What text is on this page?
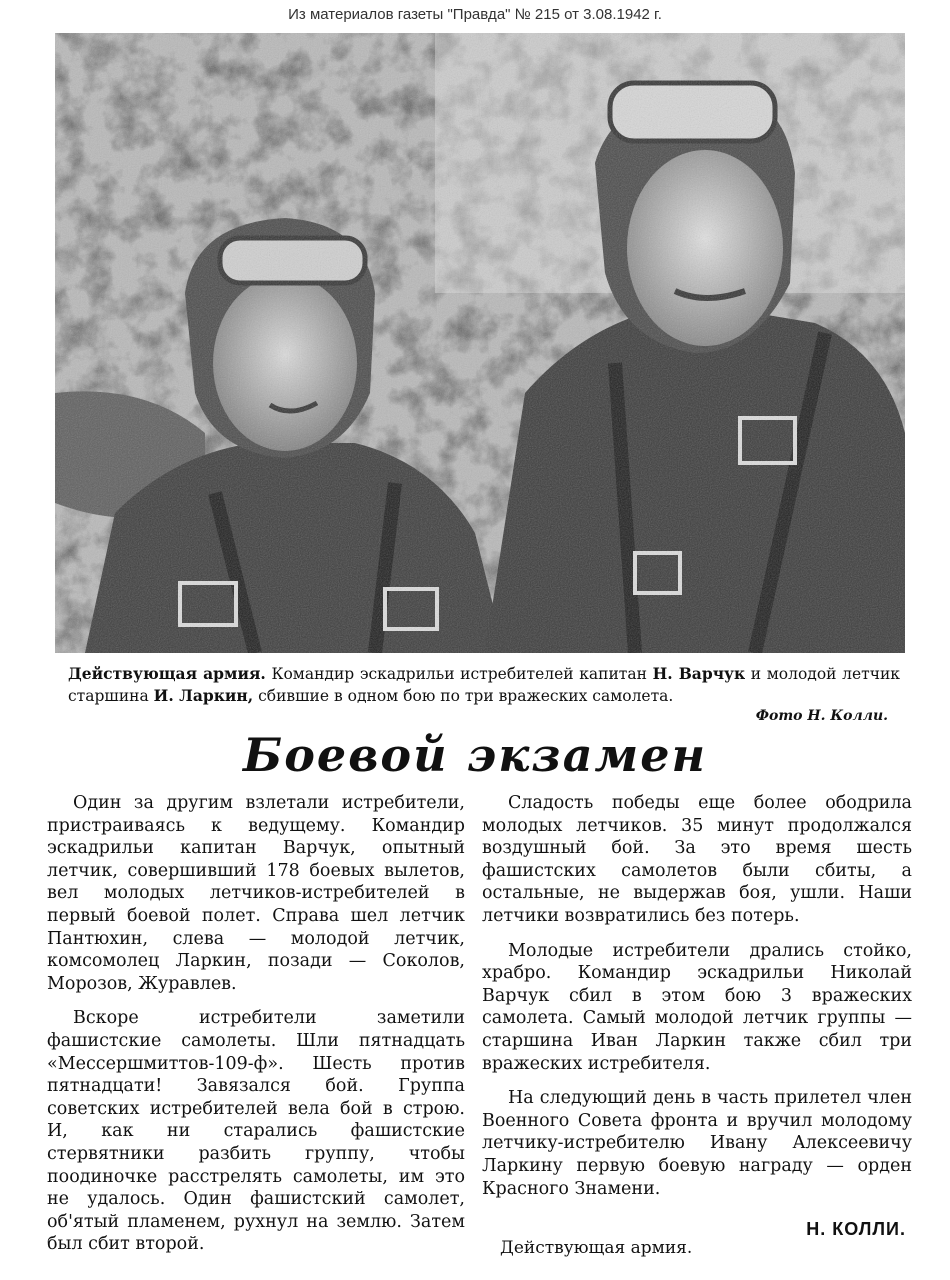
Из материалов газеты "Правда" № 215 от 3.08.1942 г.
Действующая армия. Командир эскадрильи истребителей капитан Н. Варчук и молодой летчик старшина И. Ларкин, сбившие в одном бою по три вражеских самолета.
Фото Н. Колли.
Боевой экзамен

Один за другим взлетали истребители, пристраиваясь к ведущему. Командир эскадрильи капитан Варчук, опытный летчик, совершивший 178 боевых вылетов, вел молодых летчиков-истребителей в первый боевой полет. Справа шел летчик Пантюхин, слева — молодой летчик, комсомолец Ларкин, позади — Соколов, Морозов, Журавлев.

Вскоре истребители заметили фашистские самолеты. Шли пятнадцать «Мессершмиттов-109-ф». Шесть против пятнадцати! Завязался бой. Группа советских истребителей вела бой в строю. И, как ни старались фашистские стервятники разбить группу, чтобы поодиночке расстрелять самолеты, им это не удалось. Один фашистский самолет, об'ятый пламенем, рухнул на землю. Затем был сбит второй.

Сладость победы еще более ободрила молодых летчиков. 35 минут продолжался воздушный бой. За это время шесть фашистских самолетов были сбиты, а остальные, не выдержав боя, ушли. Наши летчики возвратились без потерь.

Молодые истребители дрались стойко, храбро. Командир эскадрильи Николай Варчук сбил в этом бою 3 вражеских самолета. Самый молодой летчик группы — старшина Иван Ларкин также сбил три вражеских истребителя.

На следующий день в часть прилетел член Военного Совета фронта и вручил молодому летчику-истребителю Ивану Алексеевичу Ларкину первую боевую награду — орден Красного Знамени.

Н. КОЛЛИ.
Действующая армия.
